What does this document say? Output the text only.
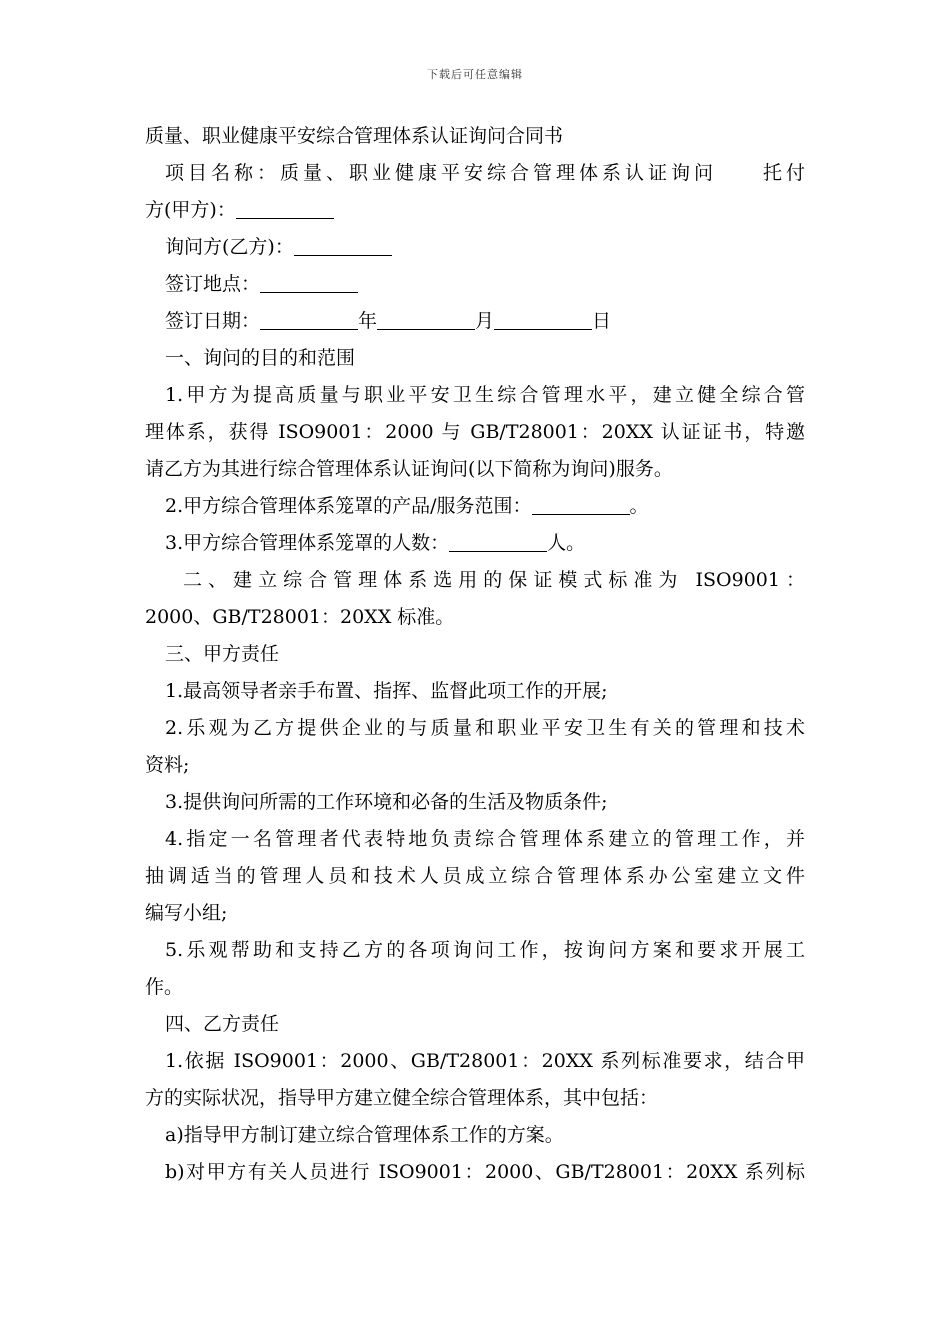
下载后可任意编辑
质量、职业健康平安综合管理体系认证询问合同书
项目名称：质量、职业健康平安综合管理体系认证询问　　托付
方(甲方)：
询问方(乙方)：
签订地点：
签订日期：	年	月	日
一、询问的目的和范围
1.甲方为提高质量与职业平安卫生综合管理水平，建立健全综合管
理体系，获得 ISO9001：2000 与 GB/T28001：20XX 认证证书，特邀
请乙方为其进行综合管理体系认证询问(以下简称为询问)服务。
2.甲方综合管理体系笼罩的产品/服务范围：	。
3.甲方综合管理体系笼罩的人数：	人。
二、建立综合管理体系选用的保证模式标准为 ISO9001：
2000、GB/T28001：20XX 标准。
三、甲方责任
1.最高领导者亲手布置、指挥、监督此项工作的开展;
2.乐观为乙方提供企业的与质量和职业平安卫生有关的管理和技术
资料;
3.提供询问所需的工作环境和必备的生活及物质条件;
4.指定一名管理者代表特地负责综合管理体系建立的管理工作，并
抽调适当的管理人员和技术人员成立综合管理体系办公室建立文件
编写小组;
5.乐观帮助和支持乙方的各项询问工作，按询问方案和要求开展工
作。
四、乙方责任
1.依据 ISO9001：2000、GB/T28001：20XX 系列标准要求，结合甲
方的实际状况，指导甲方建立健全综合管理体系，其中包括：
a)指导甲方制订建立综合管理体系工作的方案。
b)对甲方有关人员进行 ISO9001：2000、GB/T28001：20XX 系列标
